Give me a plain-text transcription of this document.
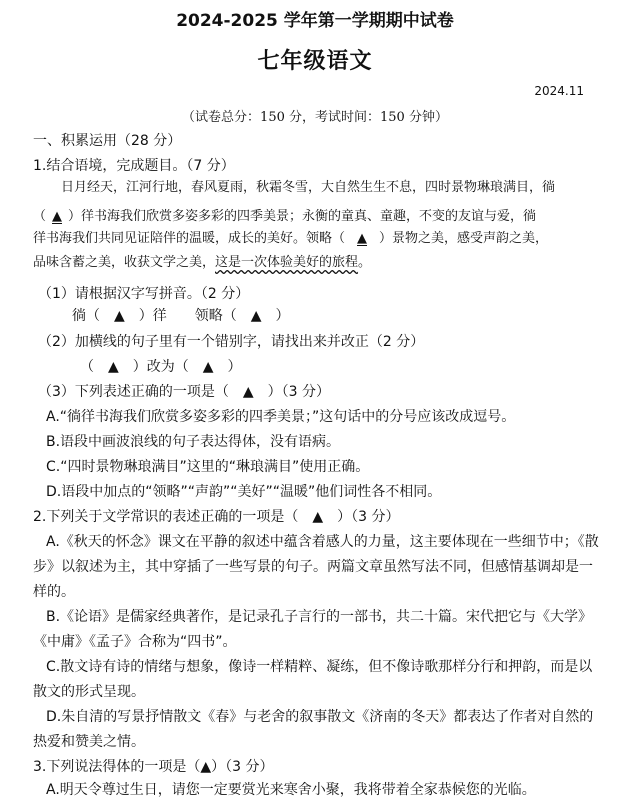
2024-2025 学年第一学期期中试卷
七年级语文
2024.11
（试卷总分：150 分，考试时间：150 分钟）
一、积累运用（28 分）
1.结合语境，完成题目。（7 分）
日月经天，江河行地，春风夏雨，秋霜冬雪，大自然生生不息，四时景物琳琅满目，徜
（ ▲ ）徉书海我们欣赏多姿多彩的四季美景；永衡的童真、童趣，不变的友谊与爱，徜
徉书海我们共同见证陪伴的温暖，成长的美好。领略（ ▲ ）景物之美，感受声韵之美，
品味含蓄之美，收获文学之美，这是一次体验美好的旅程。
（1）请根据汉字写拼音。（2 分）
徜（　▲　）徉　　领略（　▲　）
（2）加横线的句子里有一个错别字，请找出来并改正（2 分）
（　▲　）改为（　▲　）
（3）下列表述正确的一项是（　▲　）（3 分）
A.“徜徉书海我们欣赏多姿多彩的四季美景；”这句话中的分号应该改成逗号。
B.语段中画波浪线的句子表达得体，没有语病。
C.“四时景物琳琅满目”这里的“琳琅满目”使用正确。
D.语段中加点的“领略”“声韵”“美好”“温暖”他们词性各不相同。
2.下列关于文学常识的表述正确的一项是（　▲　）（3 分）
A.《秋天的怀念》课文在平静的叙述中蕴含着感人的力量，这主要体现在一些细节中；《散
步》以叙述为主，其中穿插了一些写景的句子。两篇文章虽然写法不同，但感情基调却是一
样的。
B.《论语》是儒家经典著作，是记录孔子言行的一部书，共二十篇。宋代把它与《大学》
《中庸》《孟子》合称为“四书”。
C.散文诗有诗的情绪与想象，像诗一样精粹、凝练，但不像诗歌那样分行和押韵，而是以
散文的形式呈现。
D.朱自清的写景抒情散文《春》与老舍的叙事散文《济南的冬天》都表达了作者对自然的
热爱和赞美之情。
3.下列说法得体的一项是（▲）（3 分）
A.明天令尊过生日，请您一定要赏光来寒舍小聚，我将带着全家恭候您的光临。
